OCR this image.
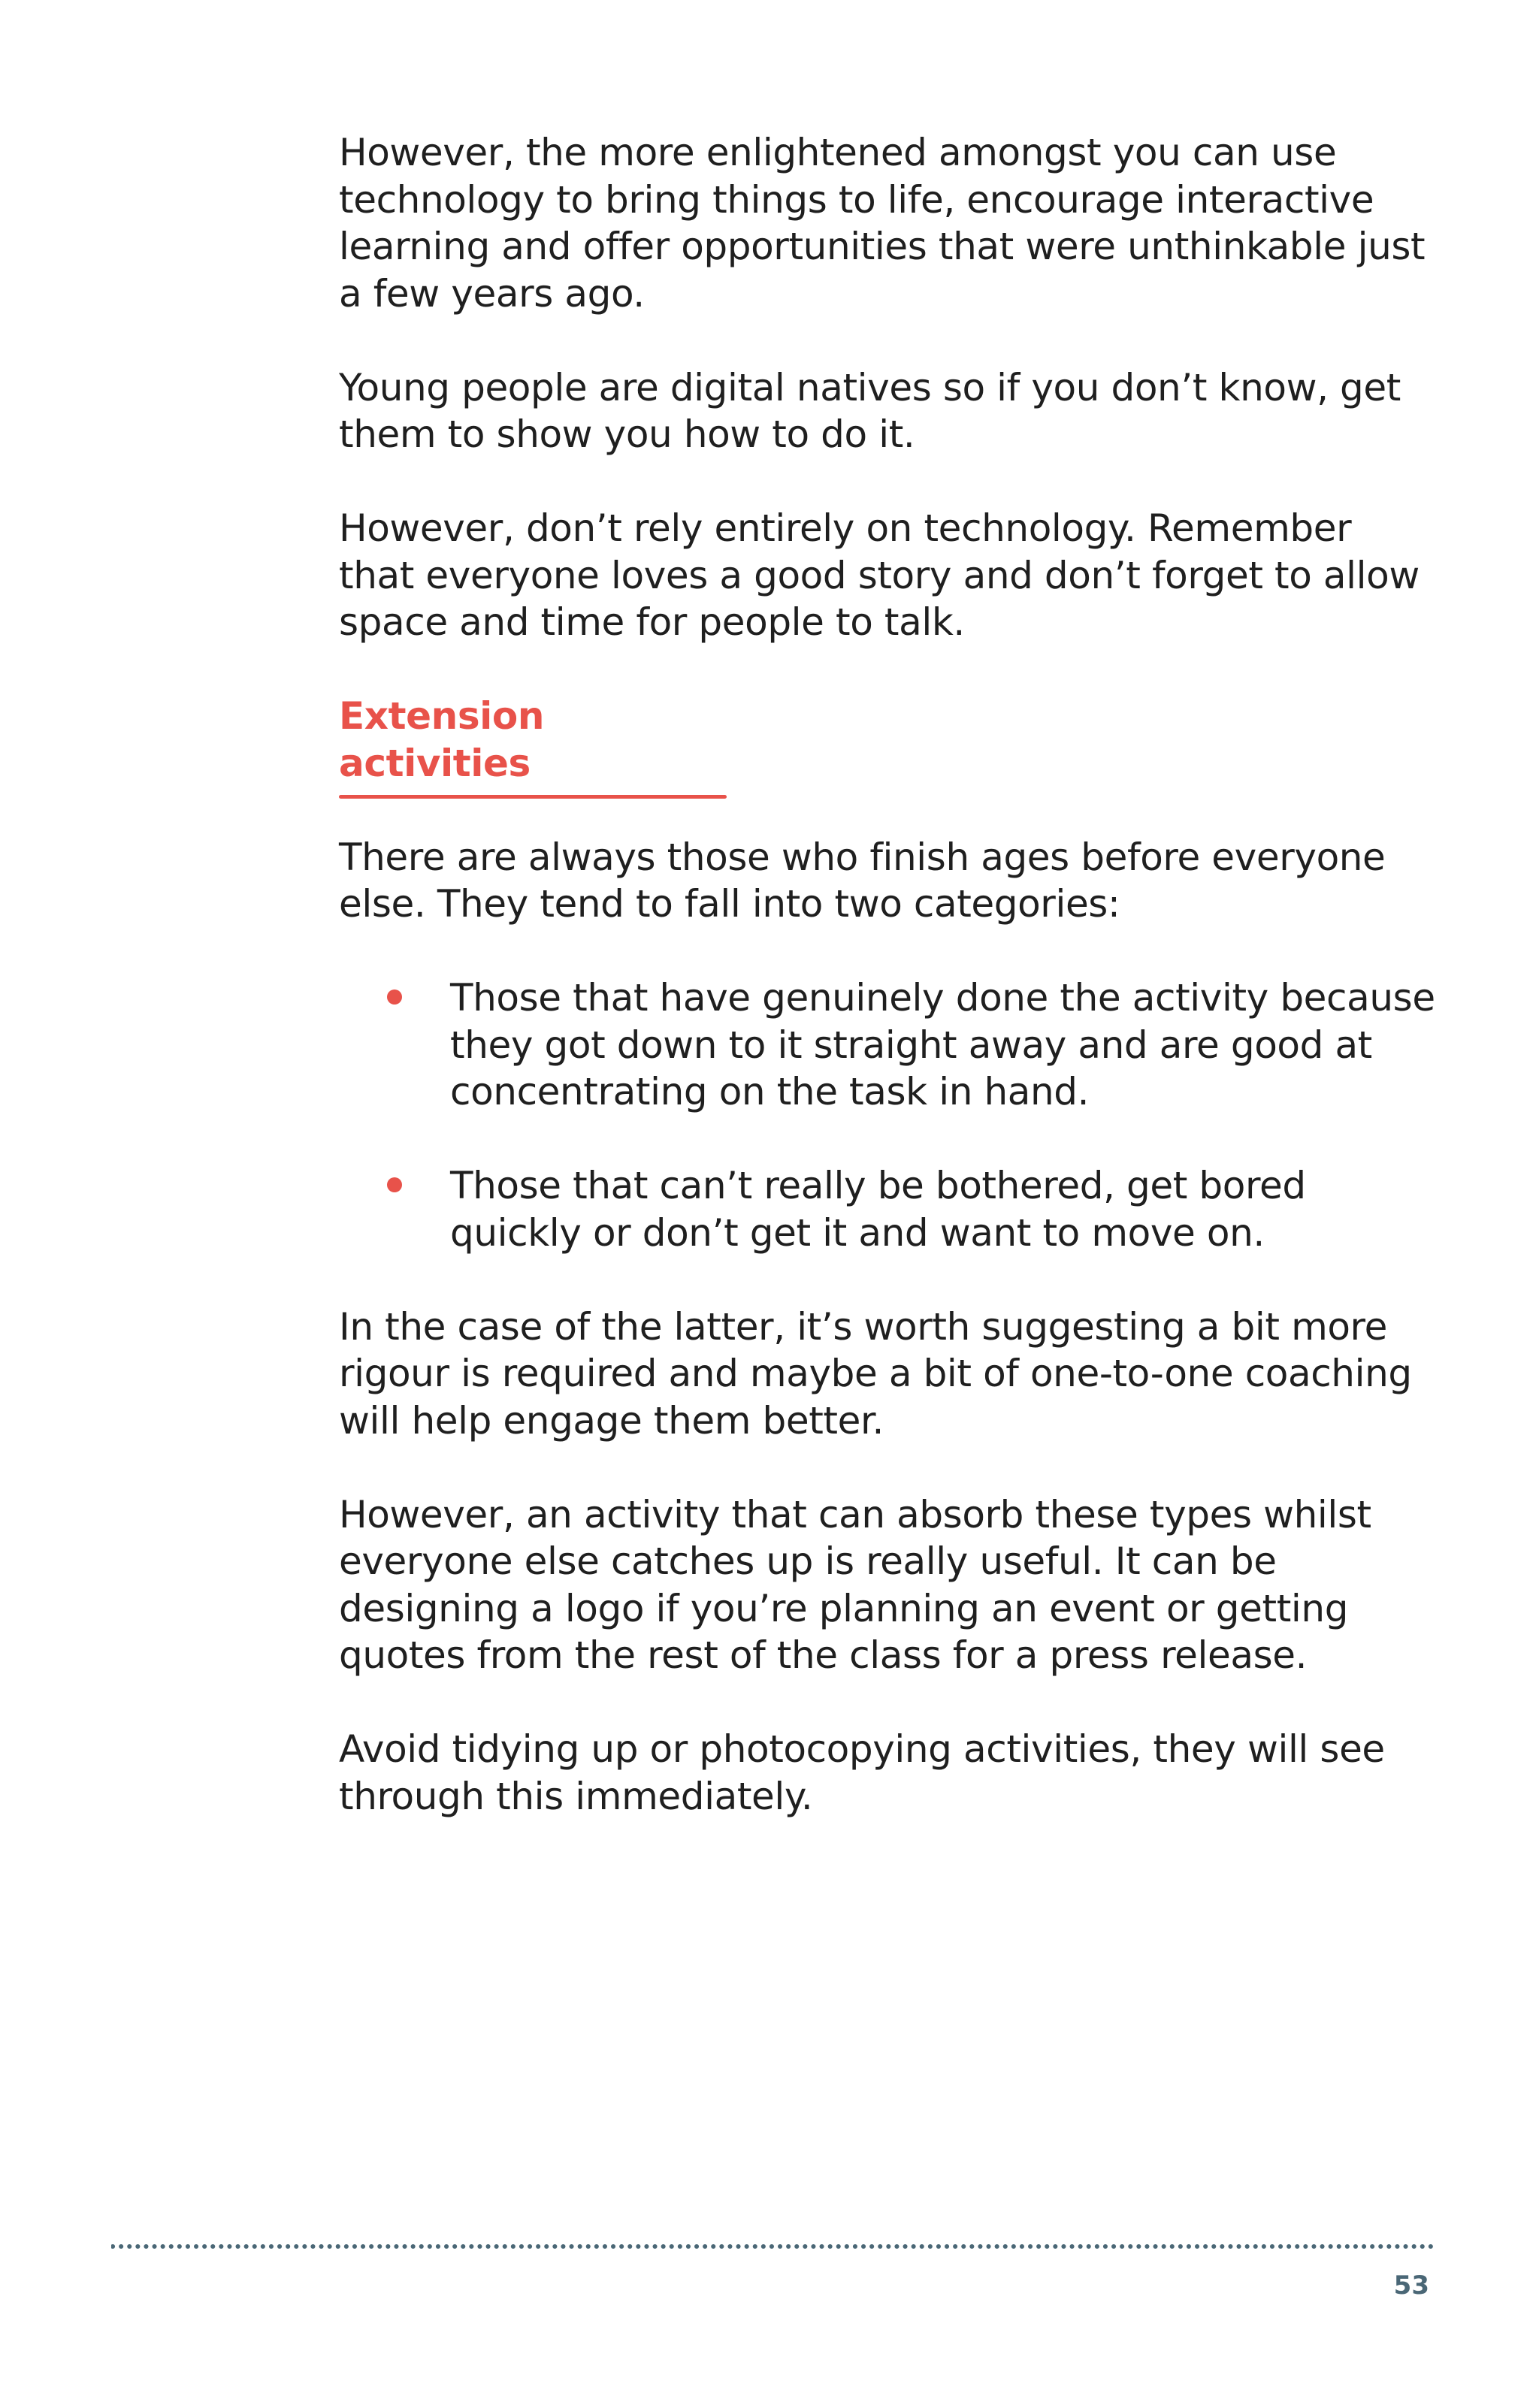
However, the more enlightened amongst you can use technology to bring things to life, encourage interactive learning and offer opportunities that were unthinkable just a few years ago.

Young people are digital natives so if you don’t know, get them to show you how to do it.

However, don’t rely entirely on technology. Remember that everyone loves a good story and don’t forget to allow space and time for people to talk.

Extension activities

There are always those who finish ages before everyone else. They tend to fall into two categories:

Those that have genuinely done the activity because they got down to it straight away and are good at concentrating on the task in hand.
Those that can’t really be bothered, get bored quickly or don’t get it and want to move on.

In the case of the latter, it’s worth suggesting a bit more rigour is required and maybe a bit of one-to-one coaching will help engage them better.

However, an activity that can absorb these types whilst everyone else catches up is really useful. It can be designing a logo if you’re planning an event or getting quotes from the rest of the class for a press release.

Avoid tidying up or photocopying activities, they will see through this immediately.

53
